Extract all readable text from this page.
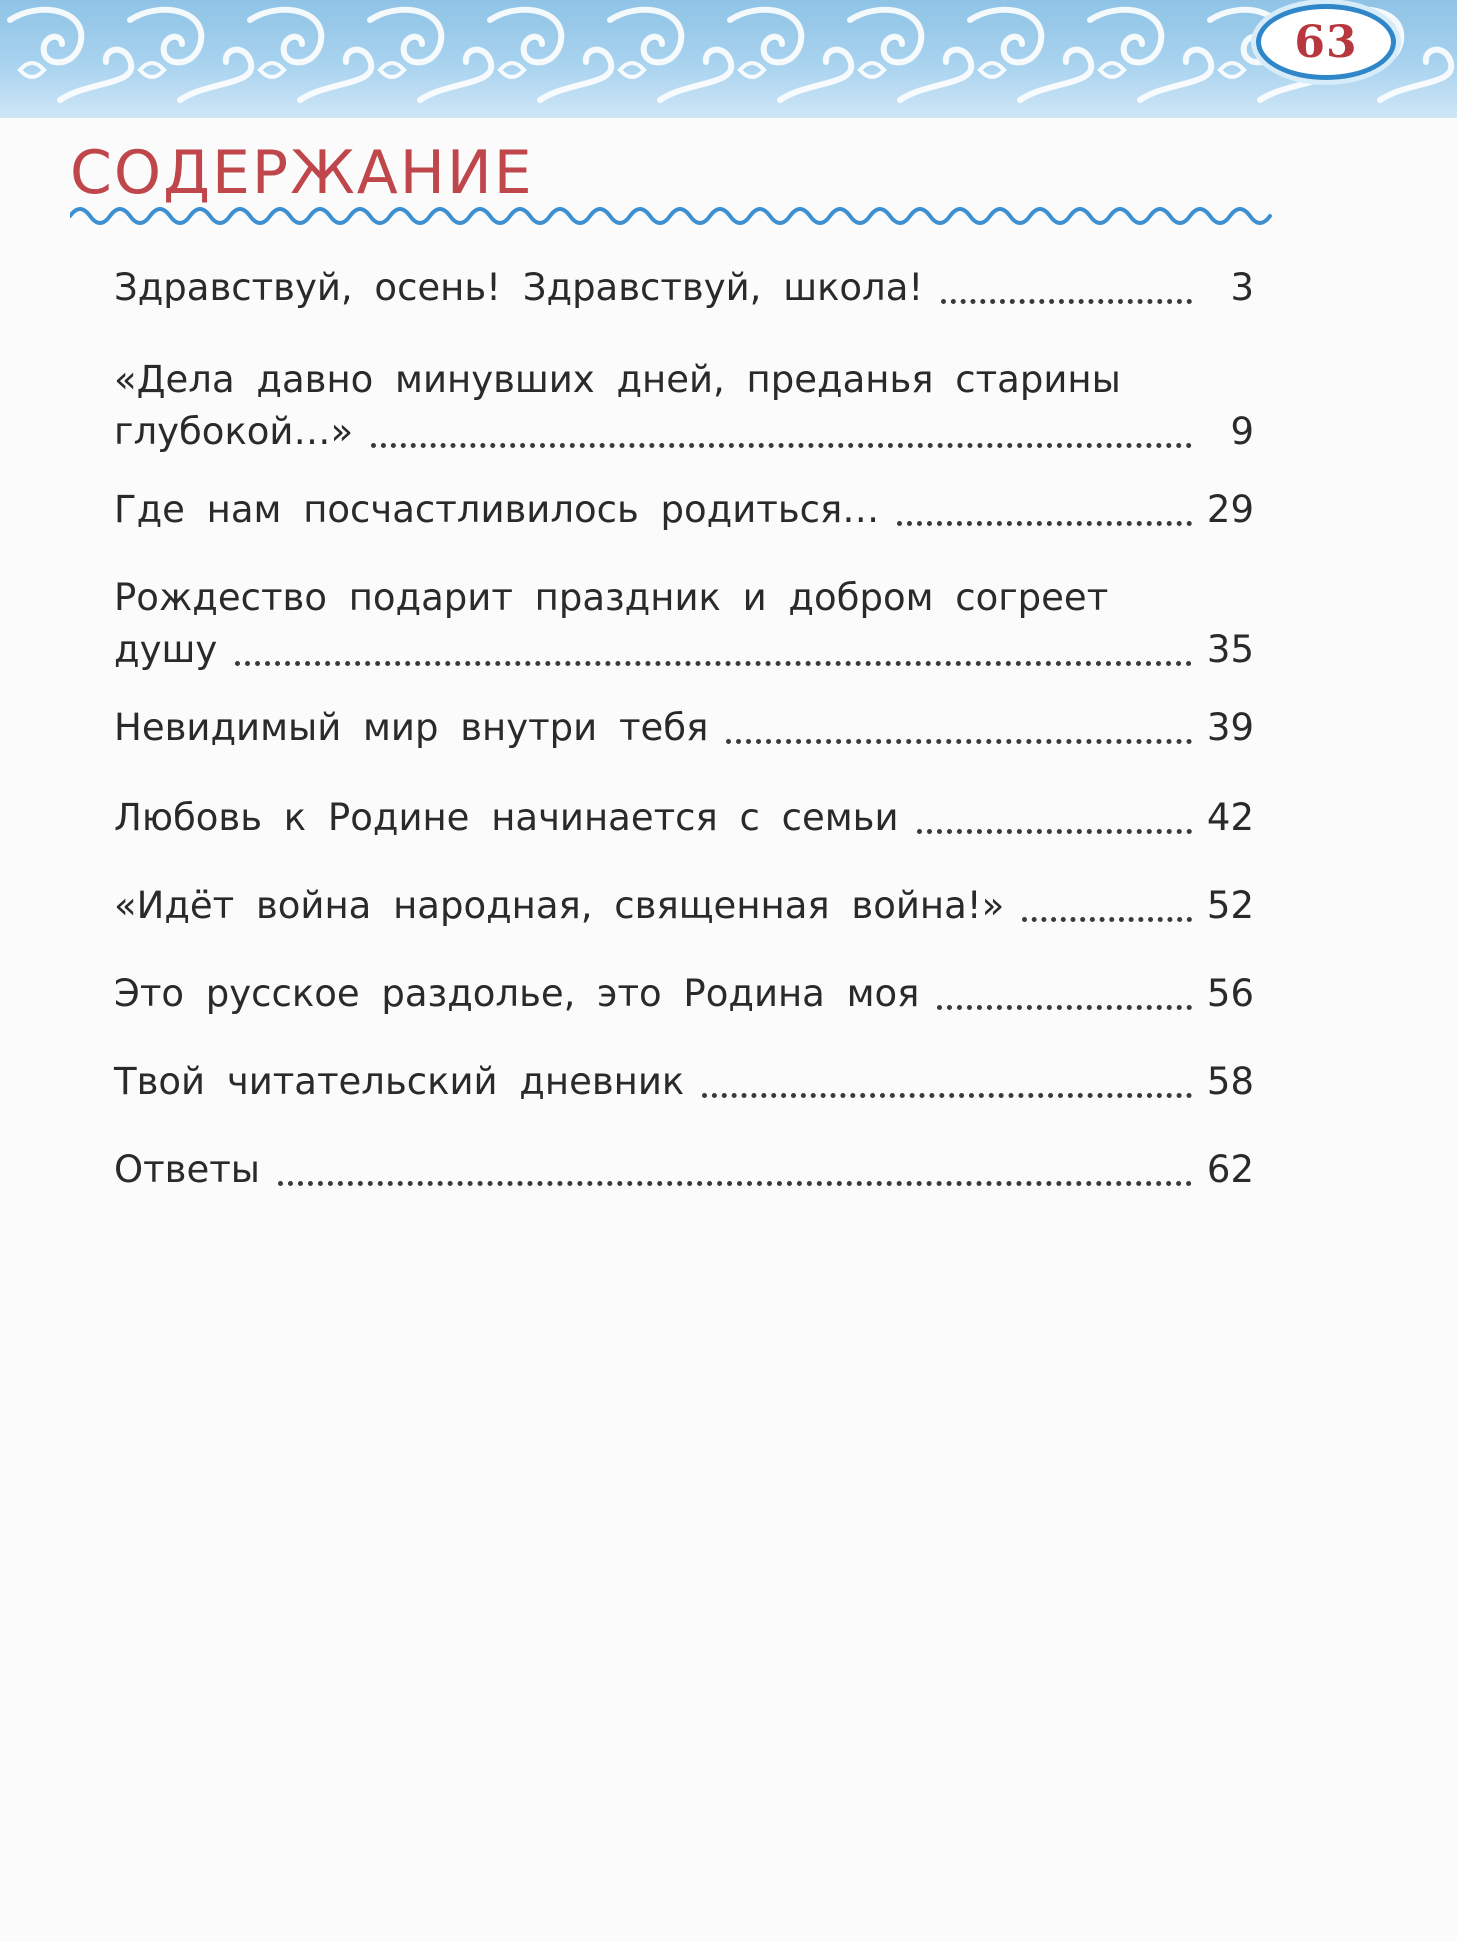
63
СОДЕРЖАНИЕ
Здравствуй, осень! Здравствуй, школа!	3
«Дела давно минувших дней, преданья старины
глубокой…»	9
Где нам посчастливилось родиться…	29
Рождество подарит праздник и добром согреет
душу	35
Невидимый мир внутри тебя	39
Любовь к Родине начинается с семьи	42
«Идёт война народная, священная война!»	52
Это русское раздолье, это Родина моя	56
Твой читательский дневник	58
Ответы	62
